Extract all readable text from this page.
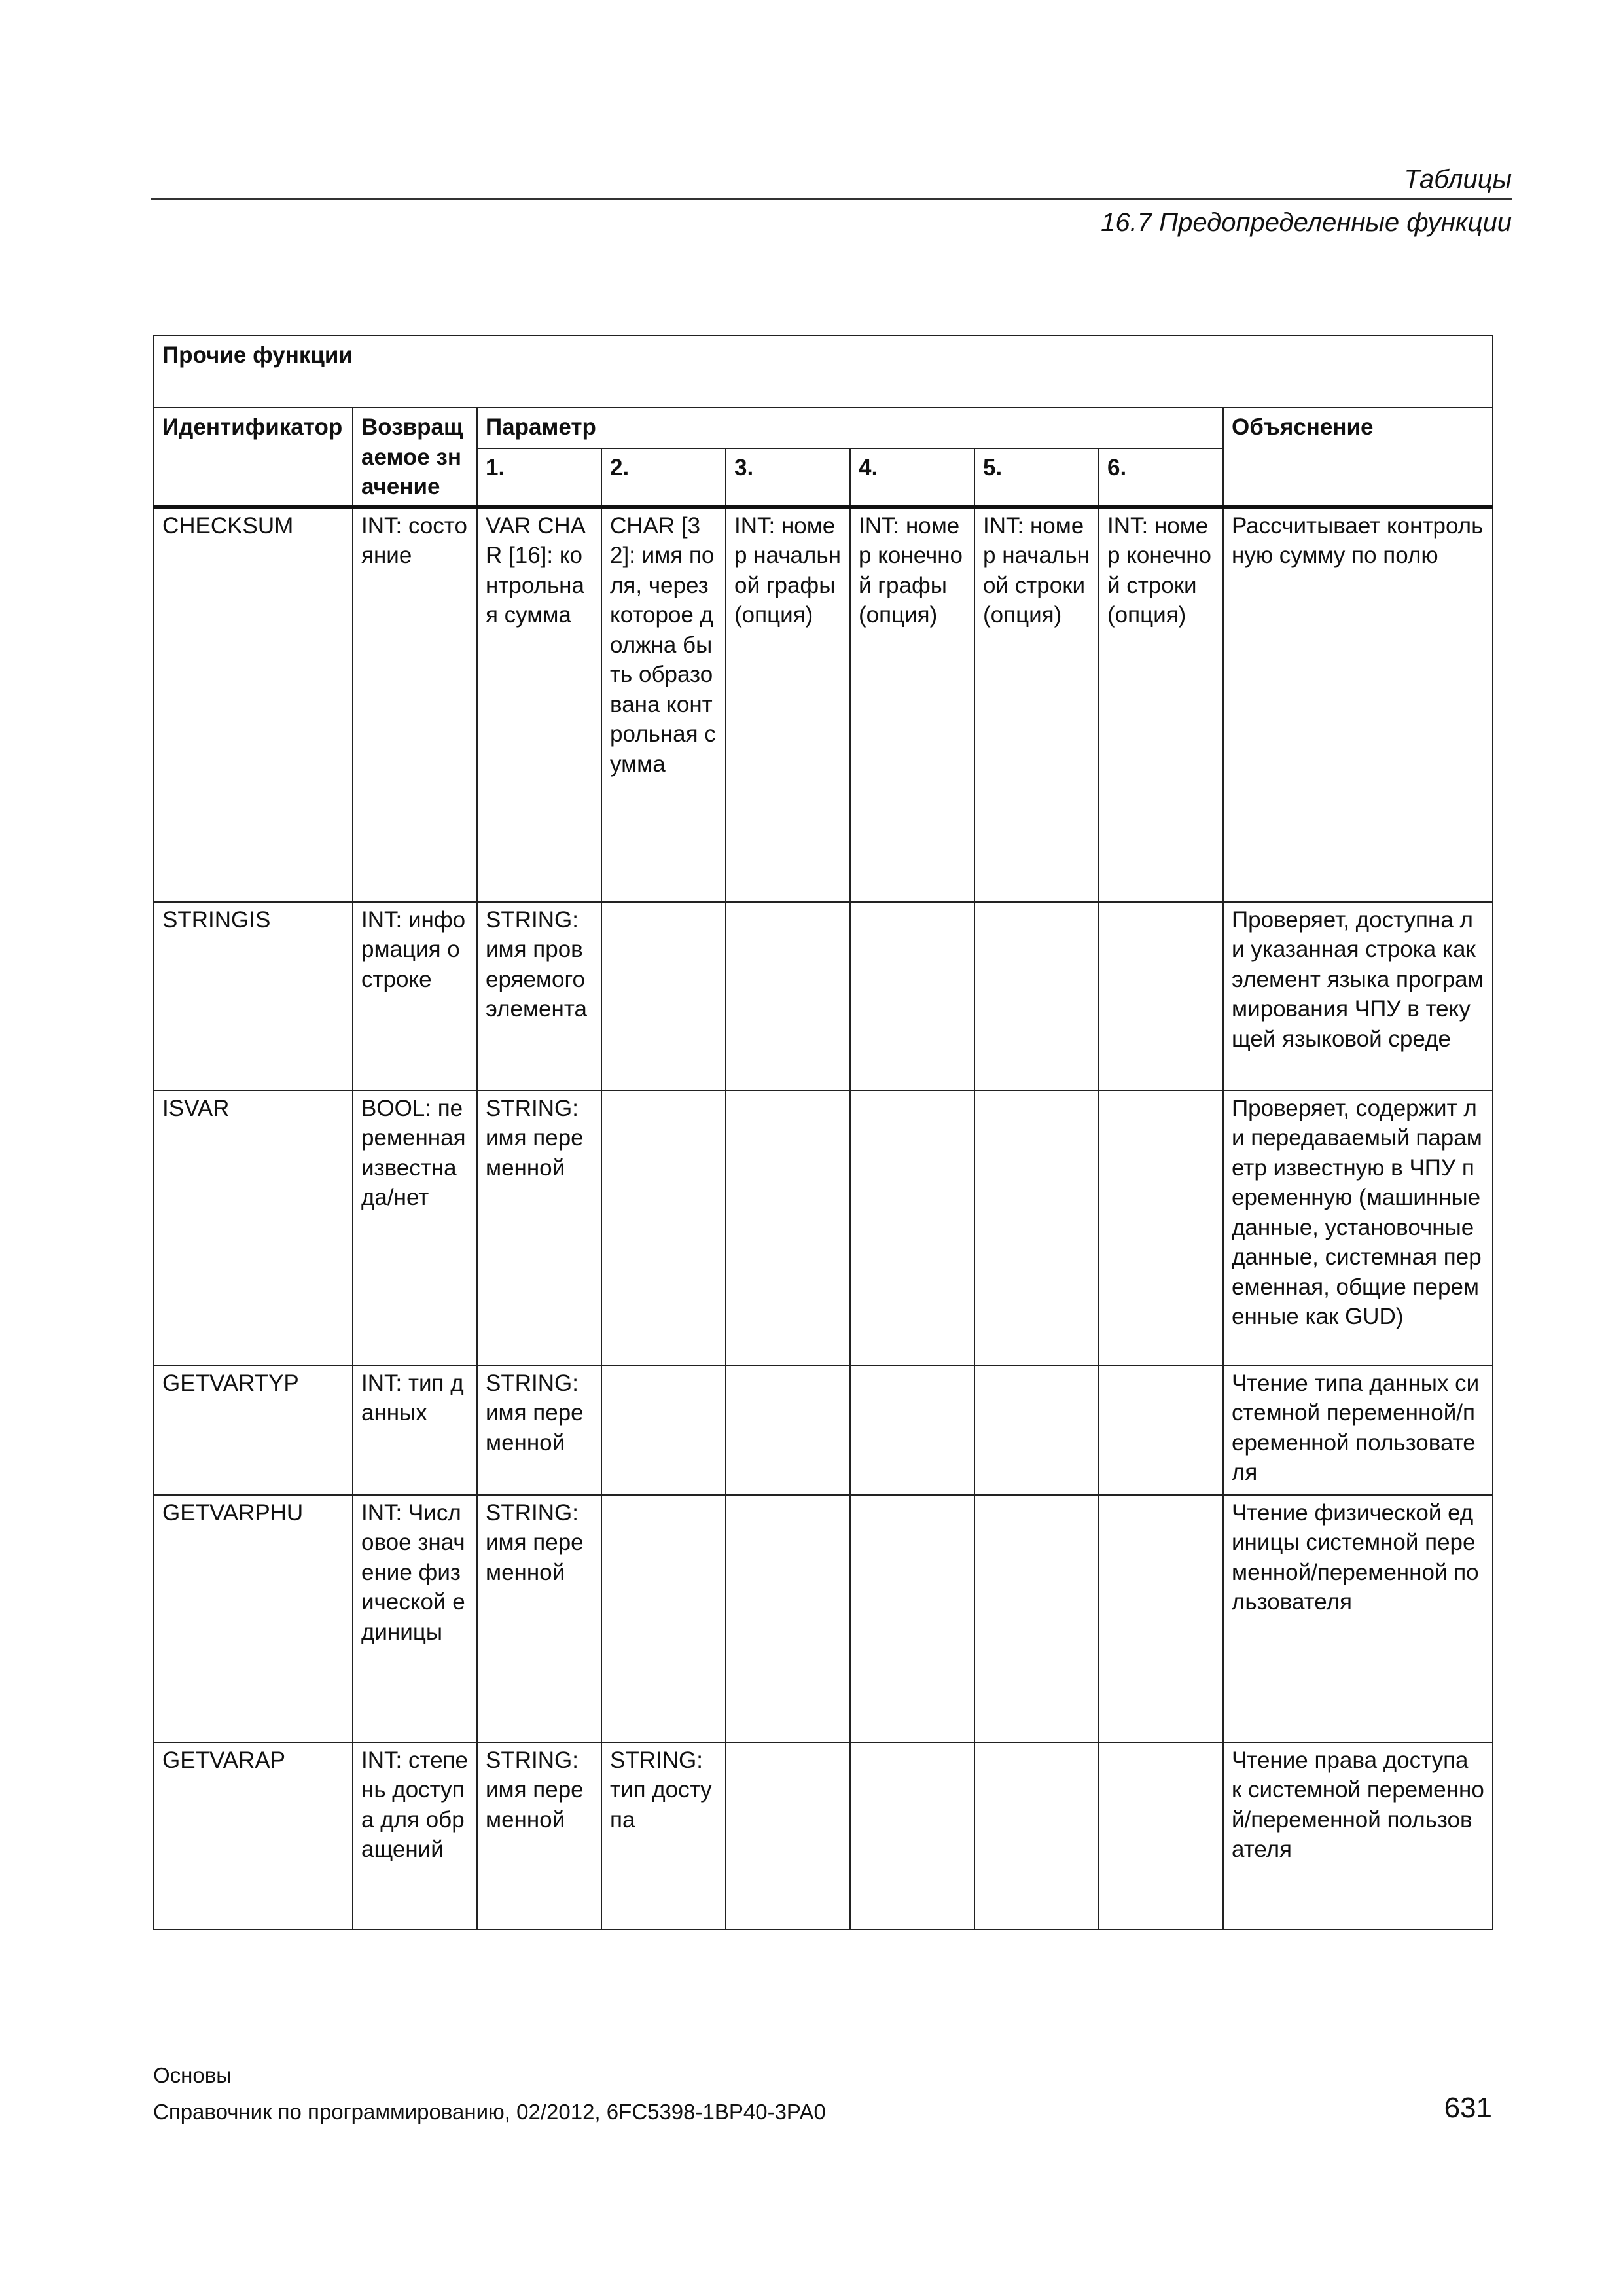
Таблицы
16.7 Предопределенные функции
Прочие функции								
Идентификатор	Возвращаемое значение	Параметр						Объяснение
		1.	2.	3.	4.	5.	6.	
CHECKSUM	INT: состояние	VAR CHAR [16]: контрольная сумма	CHAR [32]: имя поля, через которое должна быть образована контрольная сумма	INT: номер начальной графы (опция)	INT: номер конечной графы (опция)	INT: номер начальной строки (опция)	INT: номер конечной строки (опция)	Рассчитывает контрольную сумму по полю
STRINGIS	INT: информация о строке	STRING: имя проверяемого элемента						Проверяет, доступна ли указанная строка как элемент языка программирования ЧПУ в текущей языковой среде
ISVAR	BOOL: переменная известна да/нет	STRING: имя переменной						Проверяет, содержит ли передаваемый параметр известную в ЧПУ переменную (машинные данные, установочные данные, системная переменная, общие переменные как GUD)
GETVARTYP	INT: тип данных	STRING: имя переменной						Чтение типа данных системной переменной/переменной пользователя
GETVARPHU	INT: Числовое значение физической единицы	STRING: имя переменной						Чтение физической единицы системной переменной/переменной пользователя
GETVARAP	INT: степень доступа для обращений	STRING: имя переменной	STRING: тип доступа					Чтение права доступа к системной переменной/переменной пользователя
Основы
Справочник по программированию, 02/2012, 6FC5398-1BP40-3PA0	631
